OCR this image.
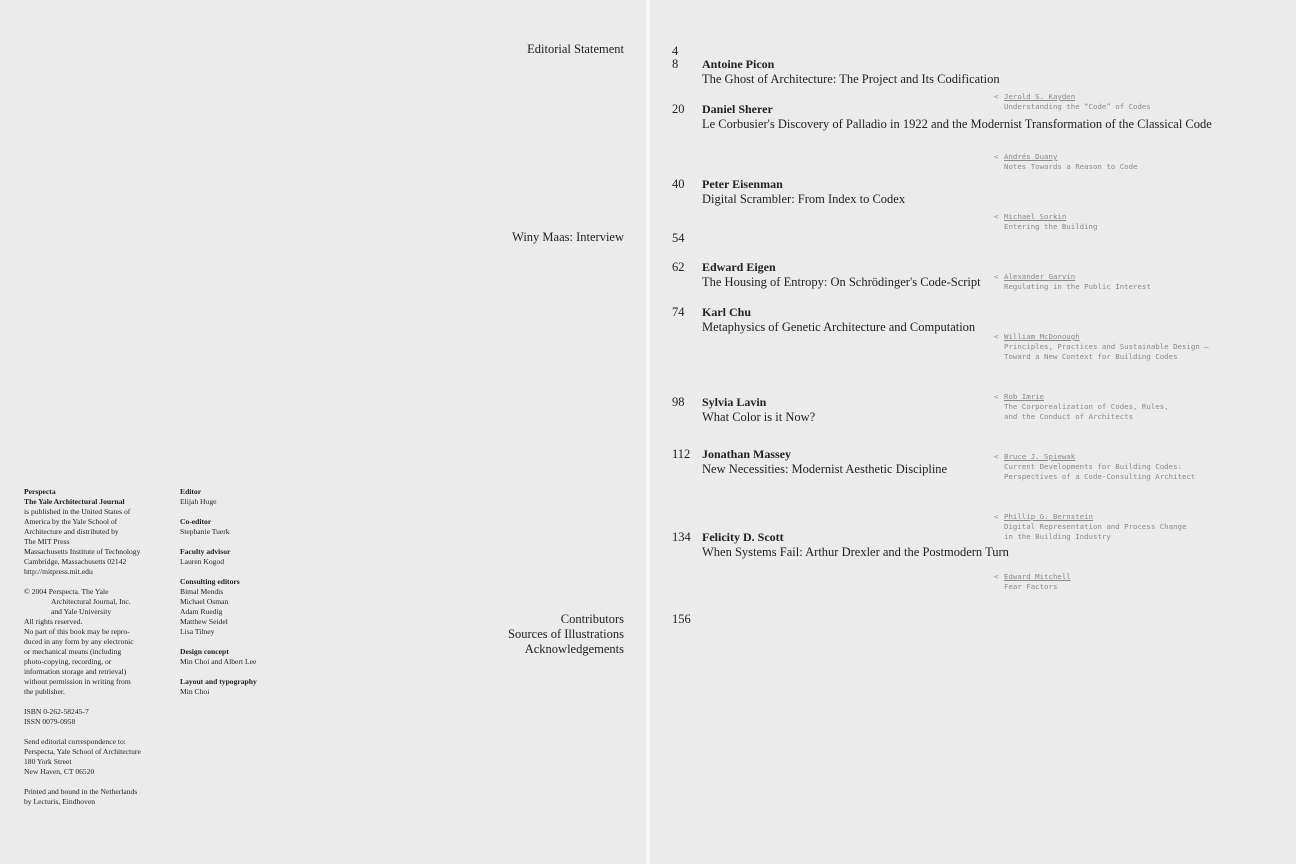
Editorial Statement
Winy Maas: Interview
Contributors
Sources of Illustrations
Acknowledgements
Perspecta
The Yale Architectural Journal
is published in the United States of
America by the Yale School of
Architecture and distributed by
The MIT Press
Massachusetts Institute of Technology
Cambridge, Massachusetts 02142
http://mitpress.mit.edu
© 2004 Perspecta. The Yale
Architectural Journal, Inc.
and Yale University
All rights reserved.
No part of this book may be repro-
duced in any form by any electronic
or mechanical means (including
photo-copying, recording, or
information storage and retrieval)
without permission in writing from
the publisher.
ISBN 0-262-58245-7
ISSN 0079-0958
Send editorial correspondence to:
Perspecta, Yale School of Architecture
180 York Street
New Haven, CT 06520
Printed and bound in the Netherlands
by Lecturis, Eindhoven
Editor
Elijah Huge
Co-editor
Stephanie Tuerk
Faculty advisor
Lauren Kogod
Consulting editors
Bimal Mendis
Michael Osman
Adam Ruedig
Matthew Seidel
Lisa Tilney
Design concept
Min Choi and Albert Lee
Layout and typography
Min Choi
4
8
20
40
54
62
74
98
112
134
156
Antoine Picon
The Ghost of Architecture: The Project and Its Codification
Daniel Sherer
Le Corbusier's Discovery of Palladio in 1922 and the Modernist Transformation of the Classical Code
Peter Eisenman
Digital Scrambler: From Index to Codex
Edward Eigen
The Housing of Entropy: On Schrödinger's Code-Script
Karl Chu
Metaphysics of Genetic Architecture and Computation
Sylvia Lavin
What Color is it Now?
Jonathan Massey
New Necessities: Modernist Aesthetic Discipline
Felicity D. Scott
When Systems Fail: Arthur Drexler and the Postmodern Turn
< Jerold S. Kayden
Understanding the “Code” of Codes
< Andrés Duany
Notes Towards a Reason to Code
< Michael Sorkin
Entering the Building
< Alexander Garvin
Regulating in the Public Interest
< William McDonough
Principles, Practices and Sustainable Design —
Toward a New Context for Building Codes
< Rob Imrie
The Corporealization of Codes, Rules,
and the Conduct of Architects
< Bruce J. Spiewak
Current Developments for Building Codes:
Perspectives of a Code-Consulting Architect
< Phillip G. Bernstein
Digital Representation and Process Change
in the Building Industry
< Edward Mitchell
Fear Factors
